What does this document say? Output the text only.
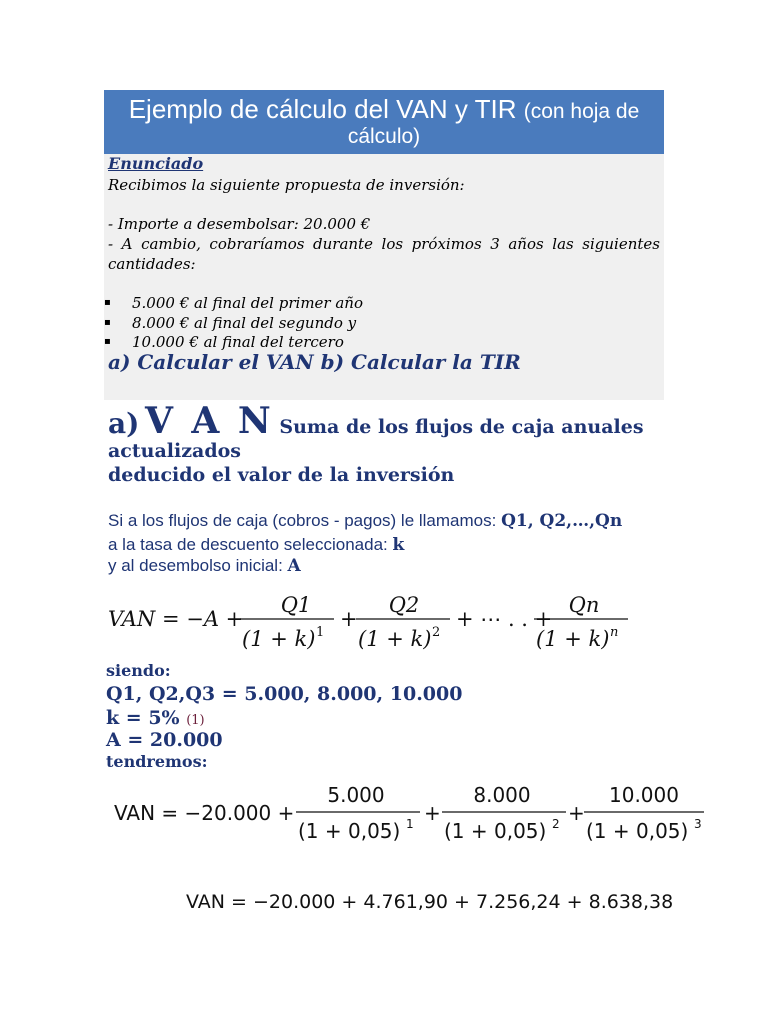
Ejemplo de cálculo del VAN y TIR (con hoja de
cálculo)
Enunciado
Recibimos la siguiente propuesta de inversión:
- Importe a desembolsar: 20.000 €
- A cambio, cobraríamos durante los próximos 3 años las siguientes
cantidades:
▪ 5.000 € al final del primer año
▪ 8.000 € al final del segundo y
▪ 10.000 € al final del tercero
a) Calcular el VAN b) Calcular la TIR
a) V A N Suma de los flujos de caja anuales
actualizados
deducido el valor de la inversión
Si a los flujos de caja (cobros - pagos) le llamamos: Q1, Q2,…,Qn
a la tasa de descuento seleccionada: k
y al desembolso inicial: A
VAN = −A +
Q1
(1 + k) 1
+
Q2
(1 + k) 2
+ ⋯ . . +
Qn
(1 + k) n
siendo:
Q1, Q2,Q3 = 5.000, 8.000, 10.000
k = 5% (1)
A = 20.000
tendremos:
VAN = −20.000 +
5.000
(1 + 0,05) 1 +
8.000
(1 + 0,05) 2 +
10.000
(1 + 0,05) 3
VAN = −20.000 + 4.761,90 + 7.256,24 + 8.638,38
